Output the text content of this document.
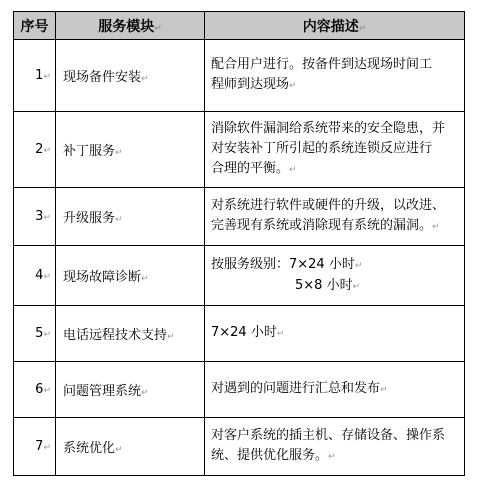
序号	服务模块↵	内容描述↵
1↵	现场备件安装↵	配合用户进行。按备件到达现场时间工
程师到达现场↵

2↵	补丁服务↵	消除软件漏洞给系统带来的安全隐患，并
对安装补丁所引起的系统连锁反应进行
合理的平衡。↵

3↵	升级服务↵	对系统进行软件或硬件的升级，以改进、
完善现有系统或消除现有系统的漏洞。↵

4↵	现场故障诊断↵	按服务级别：7×24 小时↵
5×8 小时↵

5↵	电话远程技术支持↵	7×24 小时↵

6↵	问题管理系统↵	对遇到的问题进行汇总和发布↵

7↵	系统优化↵	对客户系统的插主机、存储设备、操作系
统、提供优化服务。↵
